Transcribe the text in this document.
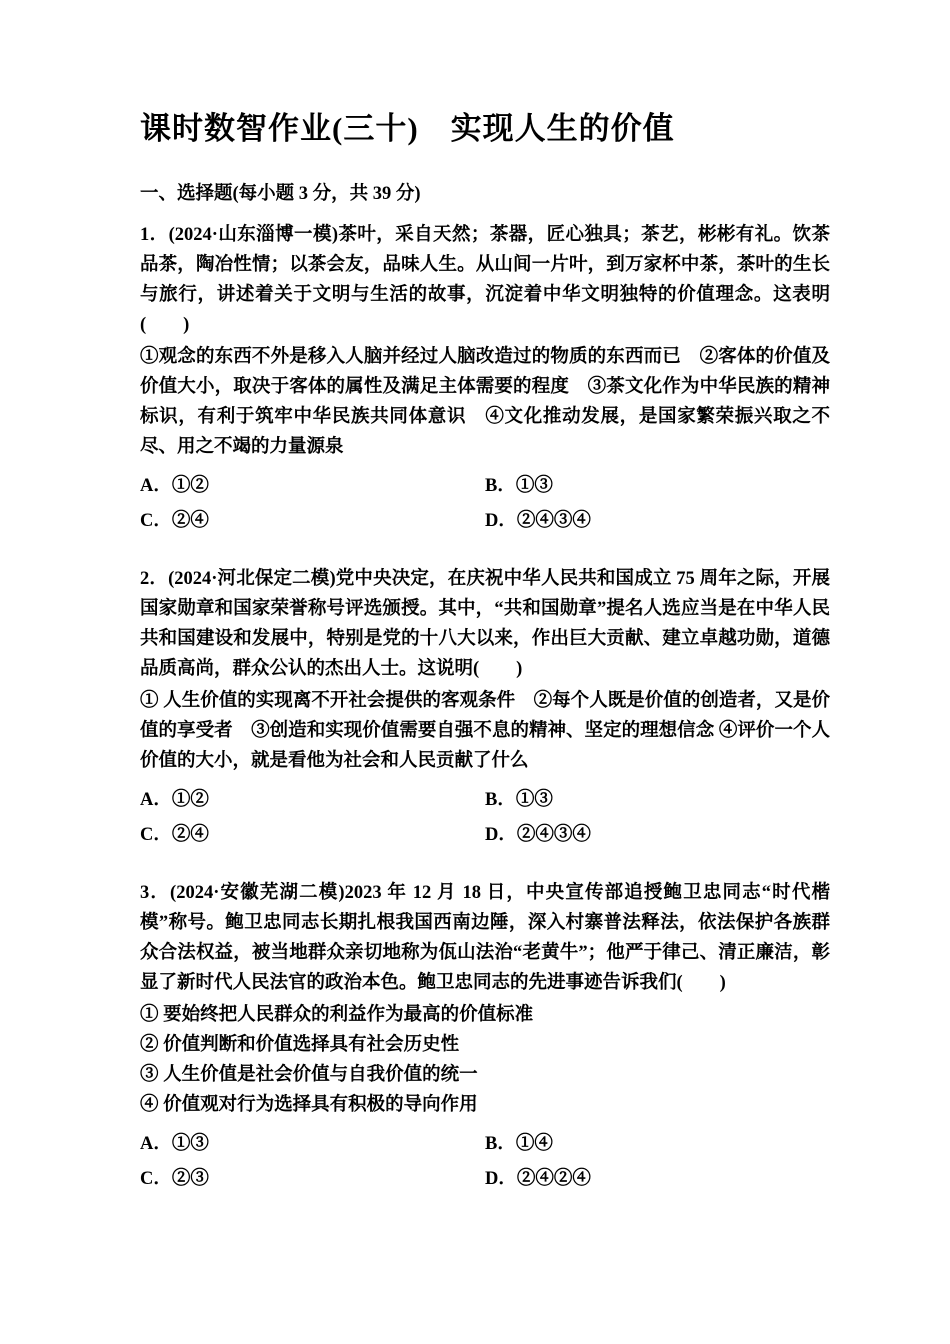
课时数智作业(三十)　实现人生的价值
一、选择题(每小题 3 分，共 39 分)

1．(2024·山东淄博一模)茶叶，采自天然；茶器，匠心独具；茶艺，彬彬有礼。饮茶品茶，陶冶性情；以茶会友，品味人生。从山间一片叶，到万家杯中茶，茶叶的生长与旅行，讲述着关于文明与生活的故事，沉淀着中华文明独特的价值理念。这表明(　　)

①观念的东西不外是移入人脑并经过人脑改造过的物质的东西而已　②客体的价值及价值大小，取决于客体的属性及满足主体需要的程度　③茶文化作为中华民族的精神标识，有利于筑牢中华民族共同体意识　④文化推动发展，是国家繁荣振兴取之不尽、用之不竭的力量源泉

A．①②	B．①③
C．②④	D．②④③④

2．(2024·河北保定二模)党中央决定，在庆祝中华人民共和国成立 75 周年之际，开展国家勋章和国家荣誉称号评选颁授。其中，“共和国勋章”提名人选应当是在中华人民共和国建设和发展中，特别是党的十八大以来，作出巨大贡献、建立卓越功勋，道德品质高尚，群众公认的杰出人士。这说明(　　)

① 人生价值的实现离不开社会提供的客观条件　②每个人既是价值的创造者，又是价值的享受者　③创造和实现价值需要自强不息的精神、坚定的理想信念 ④评价一个人价值的大小，就是看他为社会和人民贡献了什么

A．①②	B．①③
C．②④	D．②④③④

3．(2024·安徽芜湖二模)2023 年 12 月 18 日，中央宣传部追授鲍卫忠同志“时代楷模”称号。鲍卫忠同志长期扎根我国西南边陲，深入村寨普法释法，依法保护各族群众合法权益，被当地群众亲切地称为佤山法治“老黄牛”；他严于律己、清正廉洁，彰显了新时代人民法官的政治本色。鲍卫忠同志的先进事迹告诉我们(　　)

① 要始终把人民群众的利益作为最高的价值标准
② 价值判断和价值选择具有社会历史性
③ 人生价值是社会价值与自我价值的统一
④ 价值观对行为选择具有积极的导向作用
A．①③	B．①④
C．②③	D．②④②④
